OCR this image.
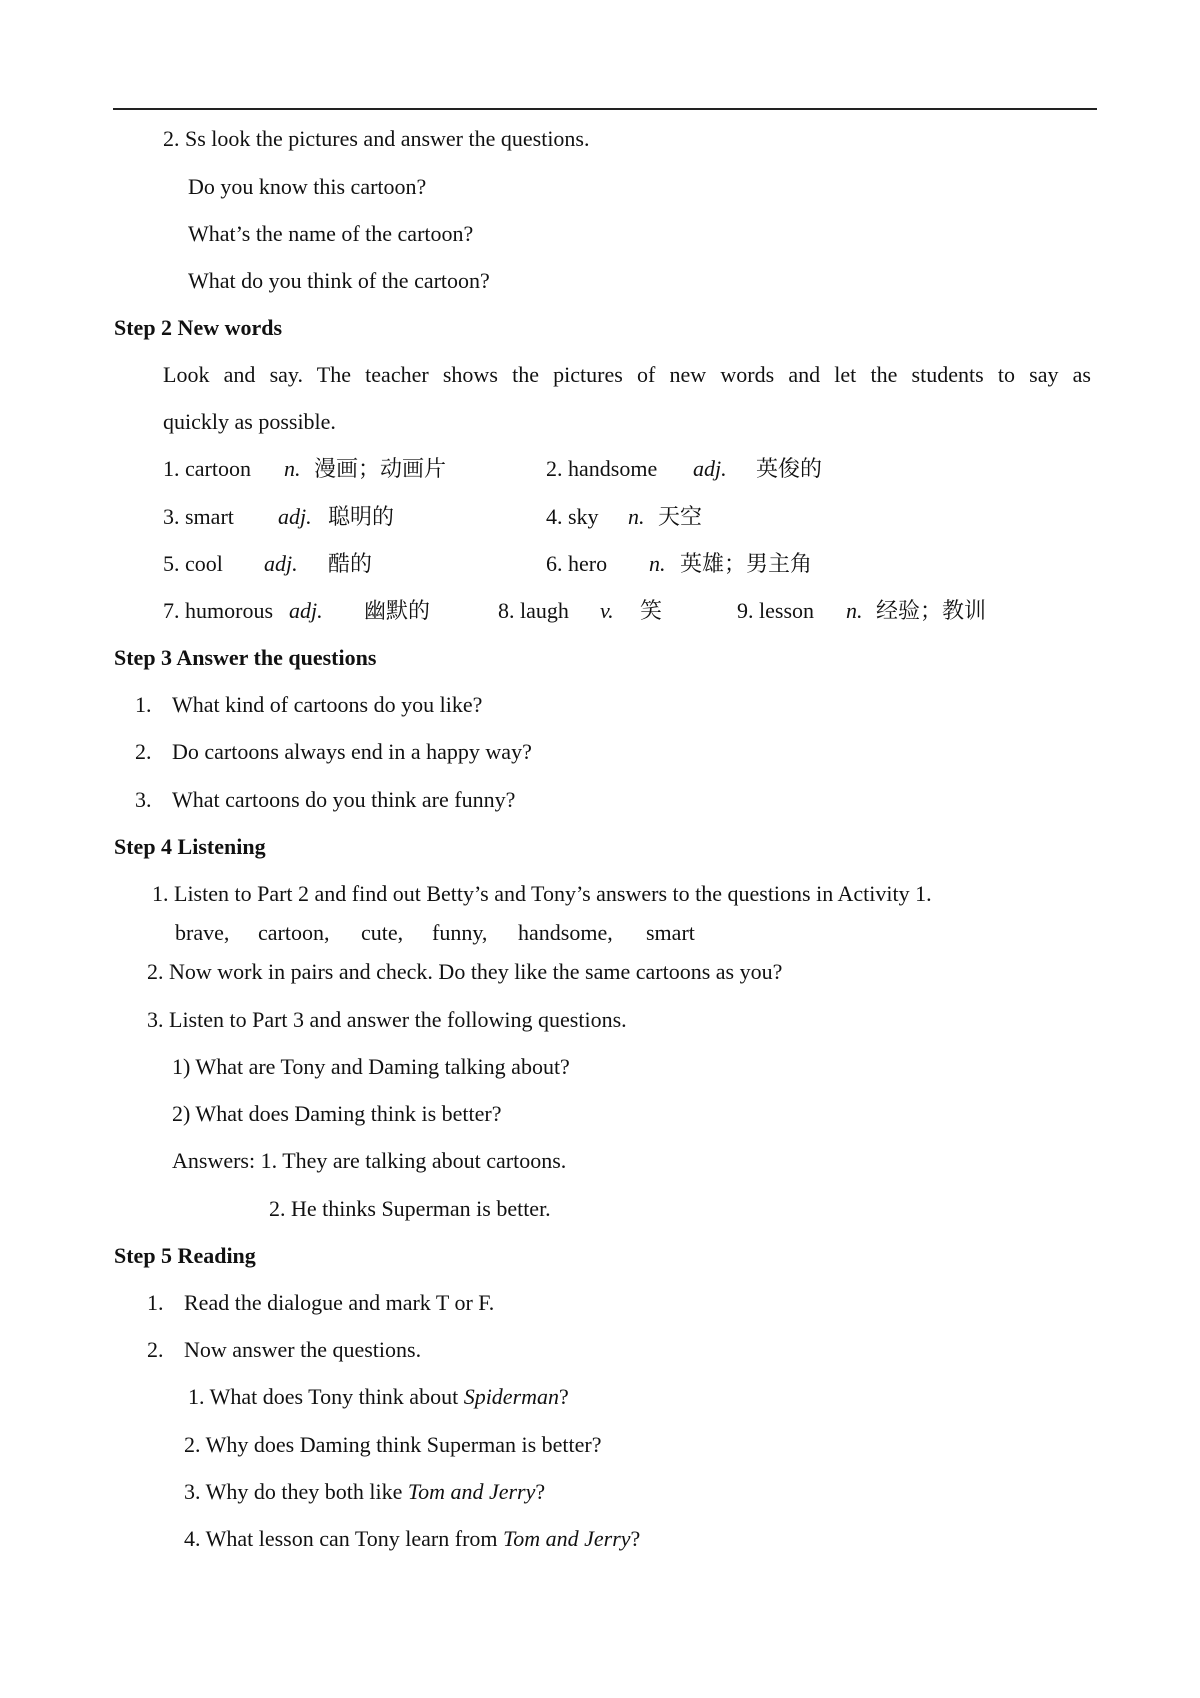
2. Ss look the pictures and answer the questions.
Do you know this cartoon?
What’s the name of the cartoon?
What do you think of the cartoon?
Step 2 New words
Look and say. The teacher shows the pictures of new words and let the students to say as
quickly as possible.
1. cartoon n. 漫画；动画片	2. handsome adj. 英俊的
3. smart adj. 聪明的	4. sky n. 天空
5. cool adj. 酷的	6. hero n. 英雄；男主角
7. humorous adj. 幽默的	8. laugh v. 笑	9. lesson n. 经验；教训
Step 3 Answer the questions
1. What kind of cartoons do you like?
2. Do cartoons always end in a happy way?
3. What cartoons do you think are funny?
Step 4 Listening
1. Listen to Part 2 and find out Betty’s and Tony’s answers to the questions in Activity 1.
brave, cartoon, cute, funny, handsome, smart
2. Now work in pairs and check. Do they like the same cartoons as you?
3. Listen to Part 3 and answer the following questions.
1) What are Tony and Daming talking about?
2) What does Daming think is better?
Answers: 1. They are talking about cartoons.
2. He thinks Superman is better.
Step 5 Reading
1. Read the dialogue and mark T or F.
2. Now answer the questions.
1. What does Tony think about Spiderman?
2. Why does Daming think Superman is better?
3. Why do they both like Tom and Jerry?
4. What lesson can Tony learn from Tom and Jerry?
